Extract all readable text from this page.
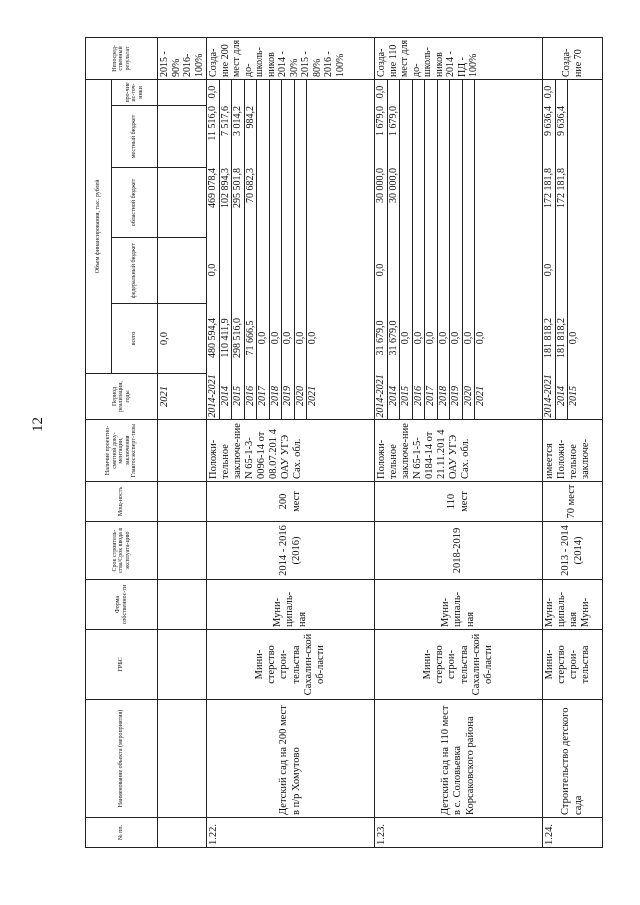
12
№ пп.	Наименование объекта (мероприятия)	ГРБС	Форма собственнос-ти	Срок строитель-ства/Срок ввода в эксплуата-цию	Мощ-ность	Наличие проектно-сметной доку-ментации, заключения Главгосэксперт-тизы	Период реализации, годы	Объем финансирования, тыс. рублей	Непосред-ственный результат
всего	федеральный бюджет	областной бюджет	местный бюджет	про-чие ис-точ-ники
							2021	0,0					2015 - 90% 2016- 100%
1.22.	Детский сад на 200 мест в п/р Хомутово	Мини-стерство строи-тельства Сахалин-ской об-ласти	Муни-ципаль-ная	2014 - 2016 (2016)	200 мест	Положи-тельное заключе-ние N 65-1-3-0096-14 от 08.07.201 4 ОАУ УГЭ Сах. обл.	
2014-2021	480 594,4	0,0	469 078,4	11 516,0	0,0
2014	110 411,9		102 894,3	7 517,6	
2015	298 516,0		295 501,8	3 014,2	
2016	71 666,5		70 682,3	984,2	
2017	0,0				
2018	0,0				
2019	0,0				
2020	0,0				
2021	0,0				
	Созда-ние 200 мест для до-школь-ников 2014 - 30% 2015 - 80% 2016 - 100%
1.23.	Детский сад на 110 мест в с. Соловьевка Корсаковского района	Мини-стерство строи-тельства Сахалин-ской об-ласти	Муни-ципаль-ная	2018-2019	110 мест	Положи-тельное заключе-ние N 65-1-5-0184-14 от 21.11.201 4 ОАУ УГЭ Сах. обл.	
2014-2021	31 679,0	0,0	30 000,0	1 679,0	0,0
2014	31 679,0		30 000,0	1 679,0	
2015	0,0				
2016	0,0				
2017	0,0				
2018	0,0				
2019	0,0				
2020	0,0				
2021	0,0				
	Созда-ние 110 мест для до-школь-ников 2014 - ПД - 100%
1.24.	Строительство детского сада	Мини-стерство строи-тельства	Муни-ципаль-ная Муни-	2013 - 2014 (2014)	70 мест	имеется Положи-тельное заключе-	
2014-2021	181 818,2	0,0	172 181,8	9 636,4	0,0
2014	181 818,2		172 181,8	9 636,4	
2015	0,0				
	Созда-ние 70
